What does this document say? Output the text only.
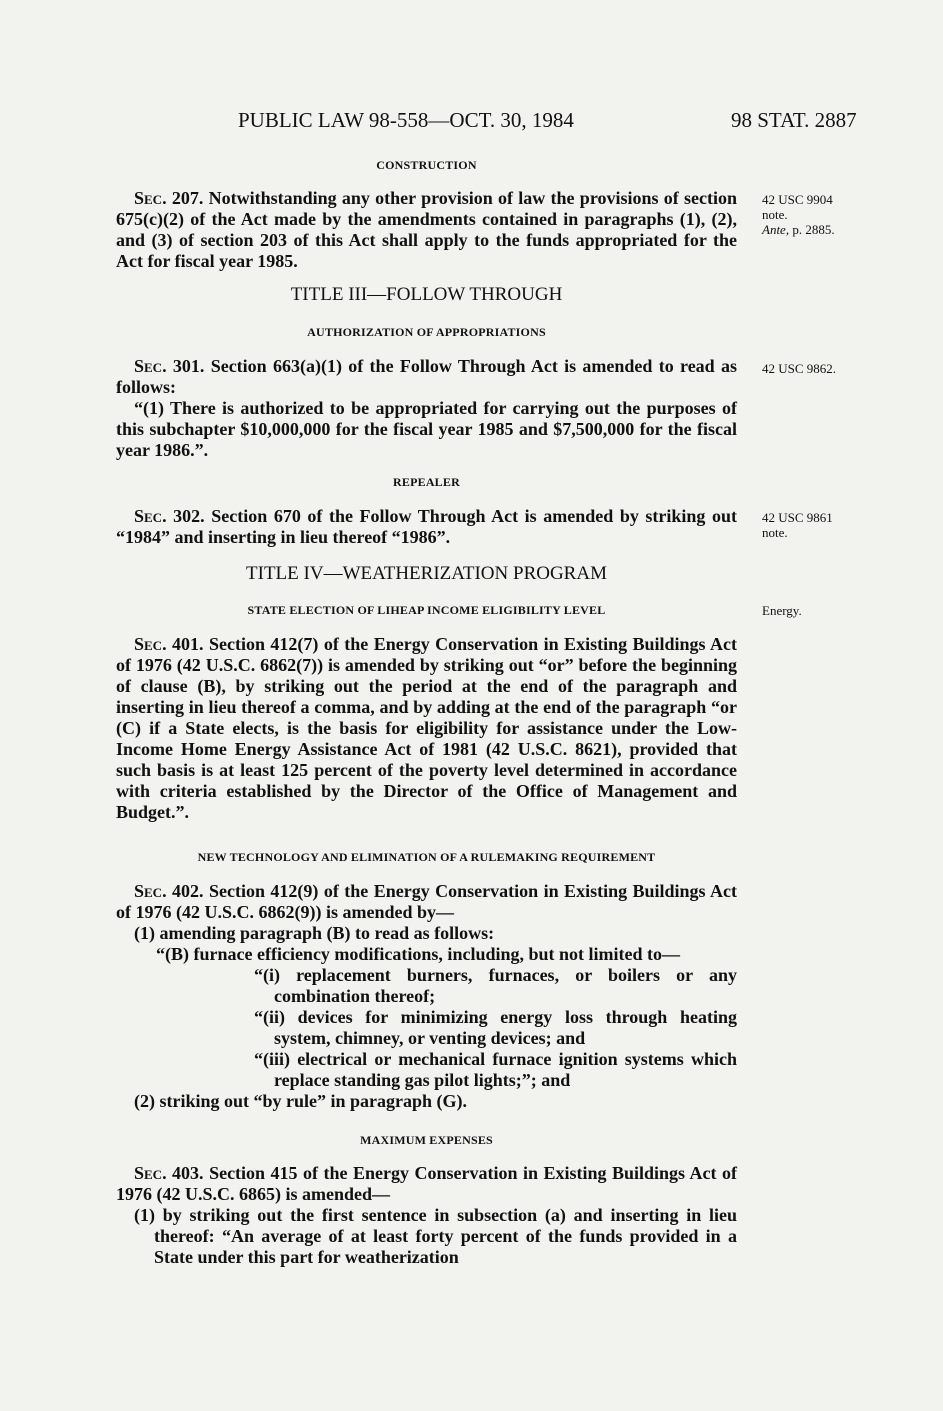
PUBLIC LAW 98-558—OCT. 30, 1984	98 STAT. 2887
CONSTRUCTION

Sec. 207. Notwithstanding any other provision of law the provisions of section 675(c)(2) of the Act made by the amendments contained in paragraphs (1), (2), and (3) of section 203 of this Act shall apply to the funds appropriated for the Act for fiscal year 1985.

42 USC 9904
note.
Ante, p. 2885.
TITLE III—FOLLOW THROUGH
AUTHORIZATION OF APPROPRIATIONS

Sec. 301. Section 663(a)(1) of the Follow Through Act is amended to read as follows:

“(1) There is authorized to be appropriated for carrying out the purposes of this subchapter $10,000,000 for the fiscal year 1985 and $7,500,000 for the fiscal year 1986.”.

42 USC 9862.
REPEALER

Sec. 302. Section 670 of the Follow Through Act is amended by striking out “1984” and inserting in lieu thereof “1986”.

42 USC 9861
note.
TITLE IV—WEATHERIZATION PROGRAM
STATE ELECTION OF LIHEAP INCOME ELIGIBILITY LEVEL	Energy.

Sec. 401. Section 412(7) of the Energy Conservation in Existing Buildings Act of 1976 (42 U.S.C. 6862(7)) is amended by striking out “or” before the beginning of clause (B), by striking out the period at the end of the paragraph and inserting in lieu thereof a comma, and by adding at the end of the paragraph “or (C) if a State elects, is the basis for eligibility for assistance under the Low-Income Home Energy Assistance Act of 1981 (42 U.S.C. 8621), provided that such basis is at least 125 percent of the poverty level determined in accordance with criteria established by the Director of the Office of Management and Budget.”.

NEW TECHNOLOGY AND ELIMINATION OF A RULEMAKING REQUIREMENT

Sec. 402. Section 412(9) of the Energy Conservation in Existing Buildings Act of 1976 (42 U.S.C. 6862(9)) is amended by—

(1) amending paragraph (B) to read as follows:

“(B) furnace efficiency modifications, including, but not limited to—

“(i) replacement burners, furnaces, or boilers or any combination thereof;

“(ii) devices for minimizing energy loss through heating system, chimney, or venting devices; and

“(iii) electrical or mechanical furnace ignition systems which replace standing gas pilot lights;”; and

(2) striking out “by rule” in paragraph (G).

MAXIMUM EXPENSES

Sec. 403. Section 415 of the Energy Conservation in Existing Buildings Act of 1976 (42 U.S.C. 6865) is amended—

(1) by striking out the first sentence in subsection (a) and inserting in lieu thereof: “An average of at least forty percent of the funds provided in a State under this part for weatherization
